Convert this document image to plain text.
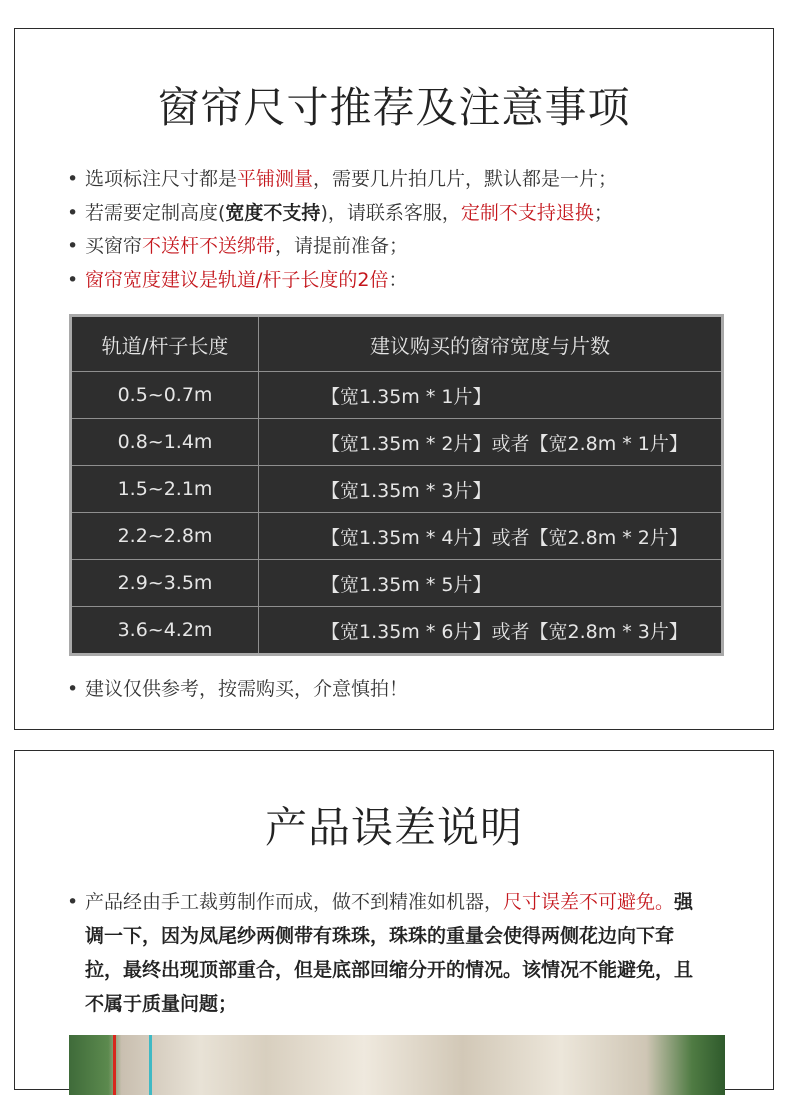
窗帘尺寸推荐及注意事项
• 选项标注尺寸都是平铺测量，需要几片拍几片，默认都是一片；
• 若需要定制高度(宽度不支持)，请联系客服，定制不支持退换；
• 买窗帘不送杆不送绑带，请提前准备；
• 窗帘宽度建议是轨道/杆子长度的2倍：
轨道/杆子长度	建议购买的窗帘宽度与片数
0.5~0.7m	【宽1.35m * 1片】
0.8~1.4m	【宽1.35m * 2片】或者【宽2.8m * 1片】
1.5~2.1m	【宽1.35m * 3片】
2.2~2.8m	【宽1.35m * 4片】或者【宽2.8m * 2片】
2.9~3.5m	【宽1.35m * 5片】
3.6~4.2m	【宽1.35m * 6片】或者【宽2.8m * 3片】
• 建议仅供参考，按需购买，介意慎拍！
产品误差说明
• 产品经由手工裁剪制作而成，做不到精准如机器，尺寸误差不可避免。强调一下，因为凤尾纱两侧带有珠珠，珠珠的重量会使得两侧花边向下耷拉，最终出现顶部重合，但是底部回缩分开的情况。该情况不能避免，且不属于质量问题；
